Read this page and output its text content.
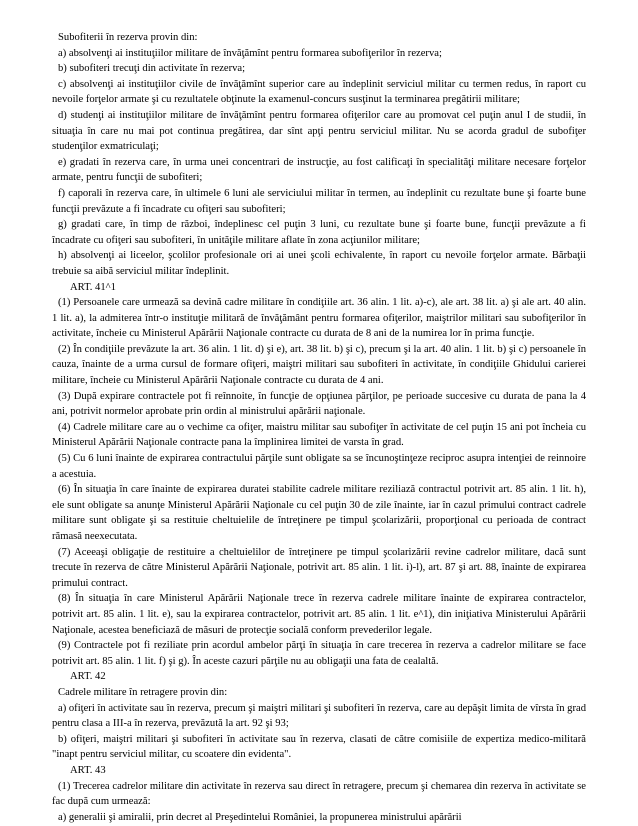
Subofiterii în rezerva provin din:

a) absolvenţi ai instituţiilor militare de învăţămînt pentru formarea subofiţerilor în rezerva;

b) subofiteri trecuţi din activitate în rezerva;

c) absolvenţi ai instituţiilor civile de învăţămînt superior care au îndeplinit serviciul militar cu termen redus, în raport cu nevoile forţelor armate şi cu rezultatele obţinute la examenul-concurs susţinut la terminarea pregătirii militare;

d) studenţi ai instituţiilor militare de învăţămînt pentru formarea ofiţerilor care au promovat cel puţin anul I de studii, în situaţia în care nu mai pot continua pregătirea, dar sînt apţi pentru serviciul militar. Nu se acorda gradul de subofiţer studenţilor exmatriculaţi;

e) gradati în rezerva care, în urma unei concentrari de instrucţie, au fost calificaţi în specialităţi militare necesare forţelor armate, pentru funcţii de subofiteri;

f) caporali în rezerva care, în ultimele 6 luni ale serviciului militar în termen, au îndeplinit cu rezultate bune şi foarte bune funcţii prevăzute a fi încadrate cu ofiţeri sau subofiteri;

g) gradati care, în timp de război, îndeplinesc cel puţin 3 luni, cu rezultate bune şi foarte bune, funcţii prevăzute a fi încadrate cu ofiţeri sau subofiteri, în unităţile militare aflate în zona acţiunilor militare;

h) absolvenţi ai liceelor, şcolilor profesionale ori ai unei şcoli echivalente, în raport cu nevoile forţelor armate. Bărbaţii trebuie sa aibă serviciul militar îndeplinit.

ART. 41^1

(1) Persoanele care urmează sa devină cadre militare în condiţiile art. 36 alin. 1 lit. a)-c), ale art. 38 lit. a) şi ale art. 40 alin. 1 lit. a), la admiterea într-o instituţie militară de învăţământ pentru formarea ofiţerilor, maiştrilor militari sau subofiţerilor în activitate, încheie cu Ministerul Apărării Naţionale contracte cu durata de 8 ani de la numirea lor în prima funcţie.

(2) În condiţiile prevăzute la art. 36 alin. 1 lit. d) şi e), art. 38 lit. b) şi c), precum şi la art. 40 alin. 1 lit. b) şi c) persoanele în cauza, înainte de a urma cursul de formare ofiţeri, maiştri militari sau subofiteri în activitate, în condiţiile Ghidului carierei militare, încheie cu Ministerul Apărării Naţionale contracte cu durata de 4 ani.

(3) După expirare contractele pot fi reînnoite, în funcţie de opţiunea părţilor, pe perioade succesive cu durata de pana la 4 ani, potrivit normelor aprobate prin ordin al ministrului apărării naţionale.

(4) Cadrele militare care au o vechime ca ofiţer, maistru militar sau subofiţer în activitate de cel puţin 15 ani pot încheia cu Ministerul Apărării Naţionale contracte pana la împlinirea limitei de varsta în grad.

(5) Cu 6 luni înainte de expirarea contractului părţile sunt obligate sa se încunoştinţeze reciproc asupra intenţiei de reinnoire a acestuia.

(6) În situaţia în care înainte de expirarea duratei stabilite cadrele militare reziliază contractul potrivit art. 85 alin. 1 lit. h), ele sunt obligate sa anunţe Ministerul Apărării Naţionale cu cel puţin 30 de zile înainte, iar în cazul primului contract cadrele militare sunt obligate şi sa restituie cheltuielile de întreţinere pe timpul şcolarizării, proporţional cu perioada de contract rămasă neexecutata.

(7) Aceeaşi obligaţie de restituire a cheltuielilor de întreţinere pe timpul şcolarizării revine cadrelor militare, dacă sunt trecute în rezerva de către Ministerul Apărării Naţionale, potrivit art. 85 alin. 1 lit. i)-l), art. 87 şi art. 88, înainte de expirarea primului contract.

(8) În situaţia în care Ministerul Apărării Naţionale trece în rezerva cadrele militare înainte de expirarea contractelor, potrivit art. 85 alin. 1 lit. e), sau la expirarea contractelor, potrivit art. 85 alin. 1 lit. e^1), din iniţiativa Ministerului Apărării Naţionale, acestea beneficiază de măsuri de protecţie socială conform prevederilor legale.

(9) Contractele pot fi reziliate prin acordul ambelor părţi în situaţia în care trecerea în rezerva a cadrelor militare se face potrivit art. 85 alin. 1 lit. f) şi g). În aceste cazuri părţile nu au obligaţii una fata de cealaltă.

ART. 42

Cadrele militare în retragere provin din:

a) ofiţeri în activitate sau în rezerva, precum şi maiştri militari şi subofiteri în rezerva, care au depăşit limita de vîrsta în grad pentru clasa a III-a în rezerva, prevăzută la art. 92 şi 93;

b) ofiţeri, maiştri militari şi subofiteri în activitate sau în rezerva, clasati de către comisiile de expertiza medico-militară "inapt pentru serviciul militar, cu scoatere din evidenta".

ART. 43

(1) Trecerea cadrelor militare din activitate în rezerva sau direct în retragere, precum şi chemarea din rezerva în activitate se fac după cum urmează:

a) generalii şi amiralii, prin decret al Preşedintelui României, la propunerea ministrului apărării
